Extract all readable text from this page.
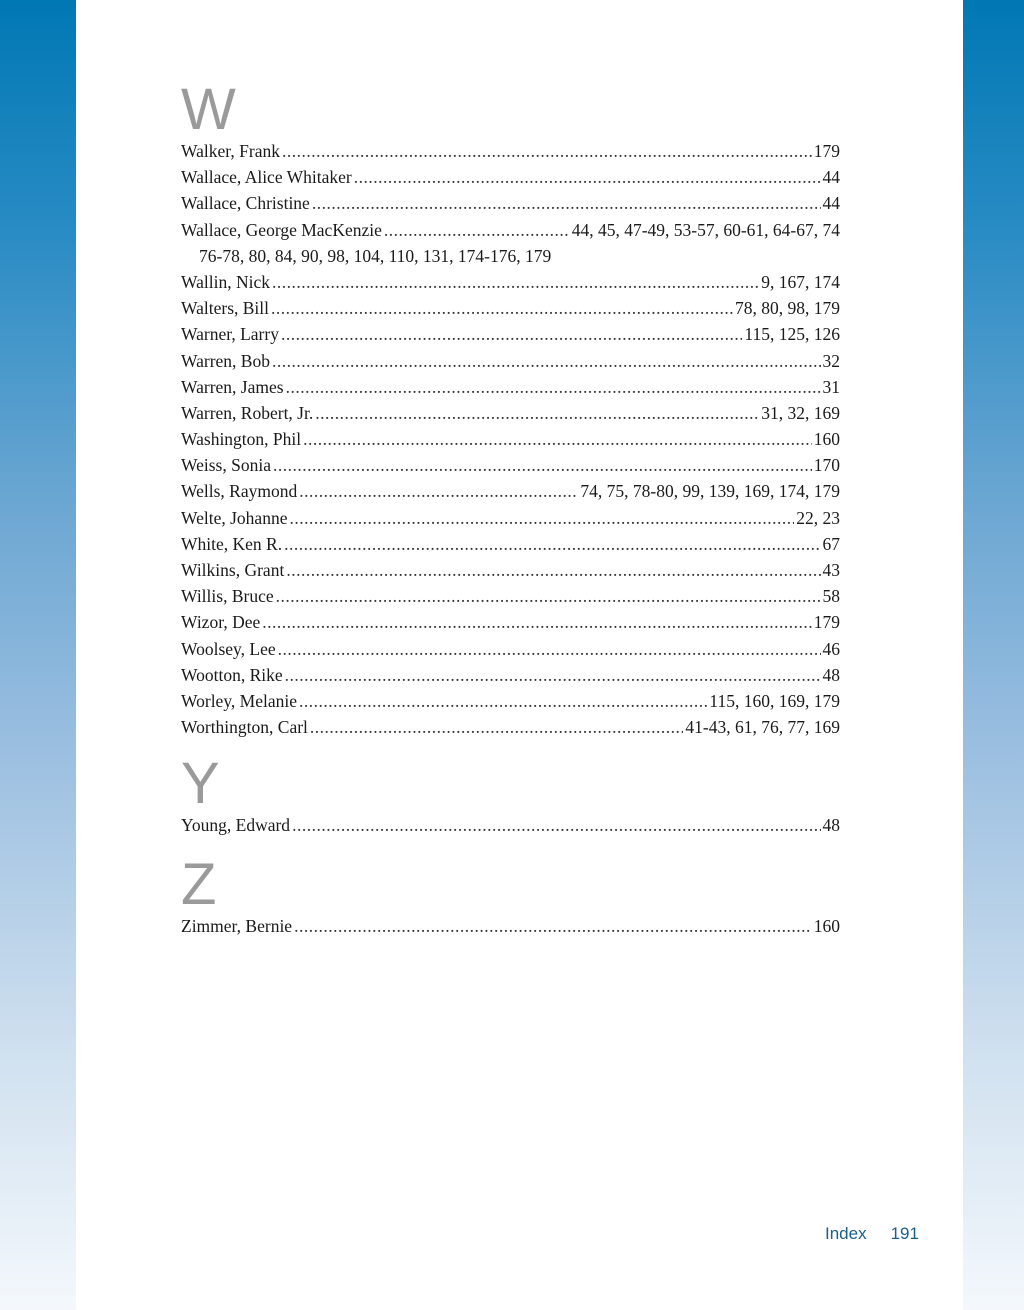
W
Walker, Frank .....	179
Wallace, Alice Whitaker .....	44
Wallace, Christine .....	44
Wallace, George MacKenzie .....	44, 45, 47-49, 53-57, 60-61, 64-67, 74
76-78, 80, 84, 90, 98, 104, 110, 131, 174-176, 179
Wallin, Nick .....	9, 167, 174
Walters, Bill .....	78, 80, 98, 179
Warner, Larry .....	115, 125, 126
Warren, Bob .....	32
Warren, James .....	31
Warren, Robert, Jr. .....	31, 32, 169
Washington, Phil .....	160
Weiss, Sonia .....	170
Wells, Raymond .....	74, 75, 78-80, 99, 139, 169, 174, 179
Welte, Johanne .....	22, 23
White, Ken R. .....	67
Wilkins, Grant .....	43
Willis, Bruce .....	58
Wizor, Dee .....	179
Woolsey, Lee .....	46
Wootton, Rike .....	48
Worley, Melanie .....	115, 160, 169, 179
Worthington, Carl .....	41-43, 61, 76, 77, 169
Y
Young, Edward .....	48
Z
Zimmer, Bernie .....	160
Index 191
